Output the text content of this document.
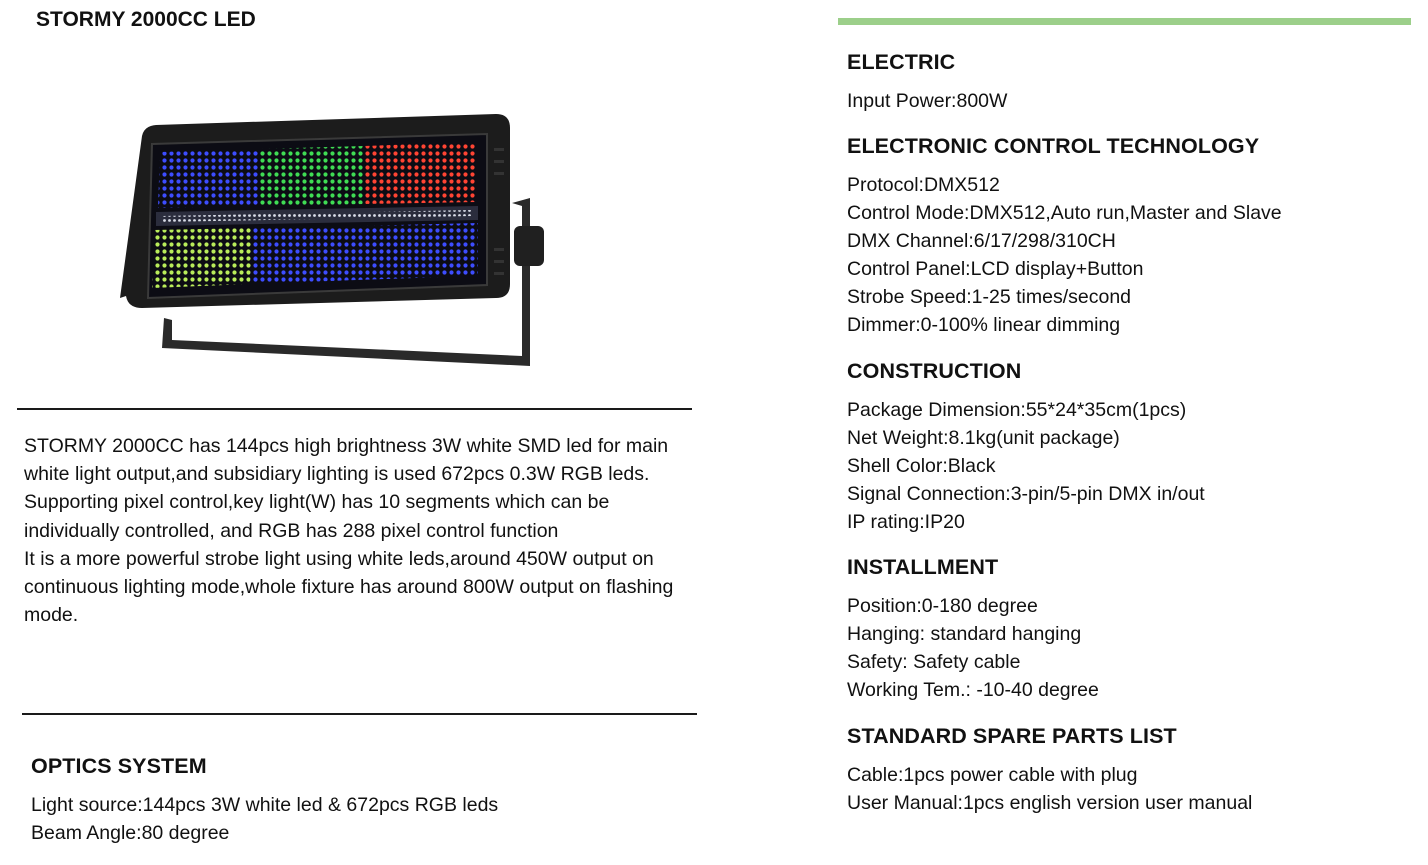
STORMY 2000CC LED

STORMY 2000CC has 144pcs high brightness 3W white SMD led for main white light output,and subsidiary lighting is used 672pcs 0.3W RGB leds. Supporting pixel control,key light(W) has 10 segments which can be individually controlled, and RGB has 288 pixel control function

It is a more powerful strobe light using white leds,around 450W output on continuous lighting mode,whole fixture has around 800W output on flashing mode.

OPTICS SYSTEM
Light source:144pcs 3W white led & 672pcs RGB leds
Beam Angle:80 degree
ELECTRIC
Input Power:800W
ELECTRONIC CONTROL TECHNOLOGY
Protocol:DMX512
Control Mode:DMX512,Auto run,Master and Slave
DMX Channel:6/17/298/310CH
Control Panel:LCD display+Button
Strobe Speed:1-25 times/second
Dimmer:0-100% linear dimming
CONSTRUCTION
Package Dimension:55*24*35cm(1pcs)
Net Weight:8.1kg(unit package)
Shell Color:Black
Signal Connection:3-pin/5-pin DMX in/out
IP rating:IP20
INSTALLMENT
Position:0-180 degree
Hanging: standard hanging
Safety: Safety cable
Working Tem.: -10-40 degree
STANDARD SPARE PARTS LIST
Cable:1pcs power cable with plug
User Manual:1pcs english version user manual
